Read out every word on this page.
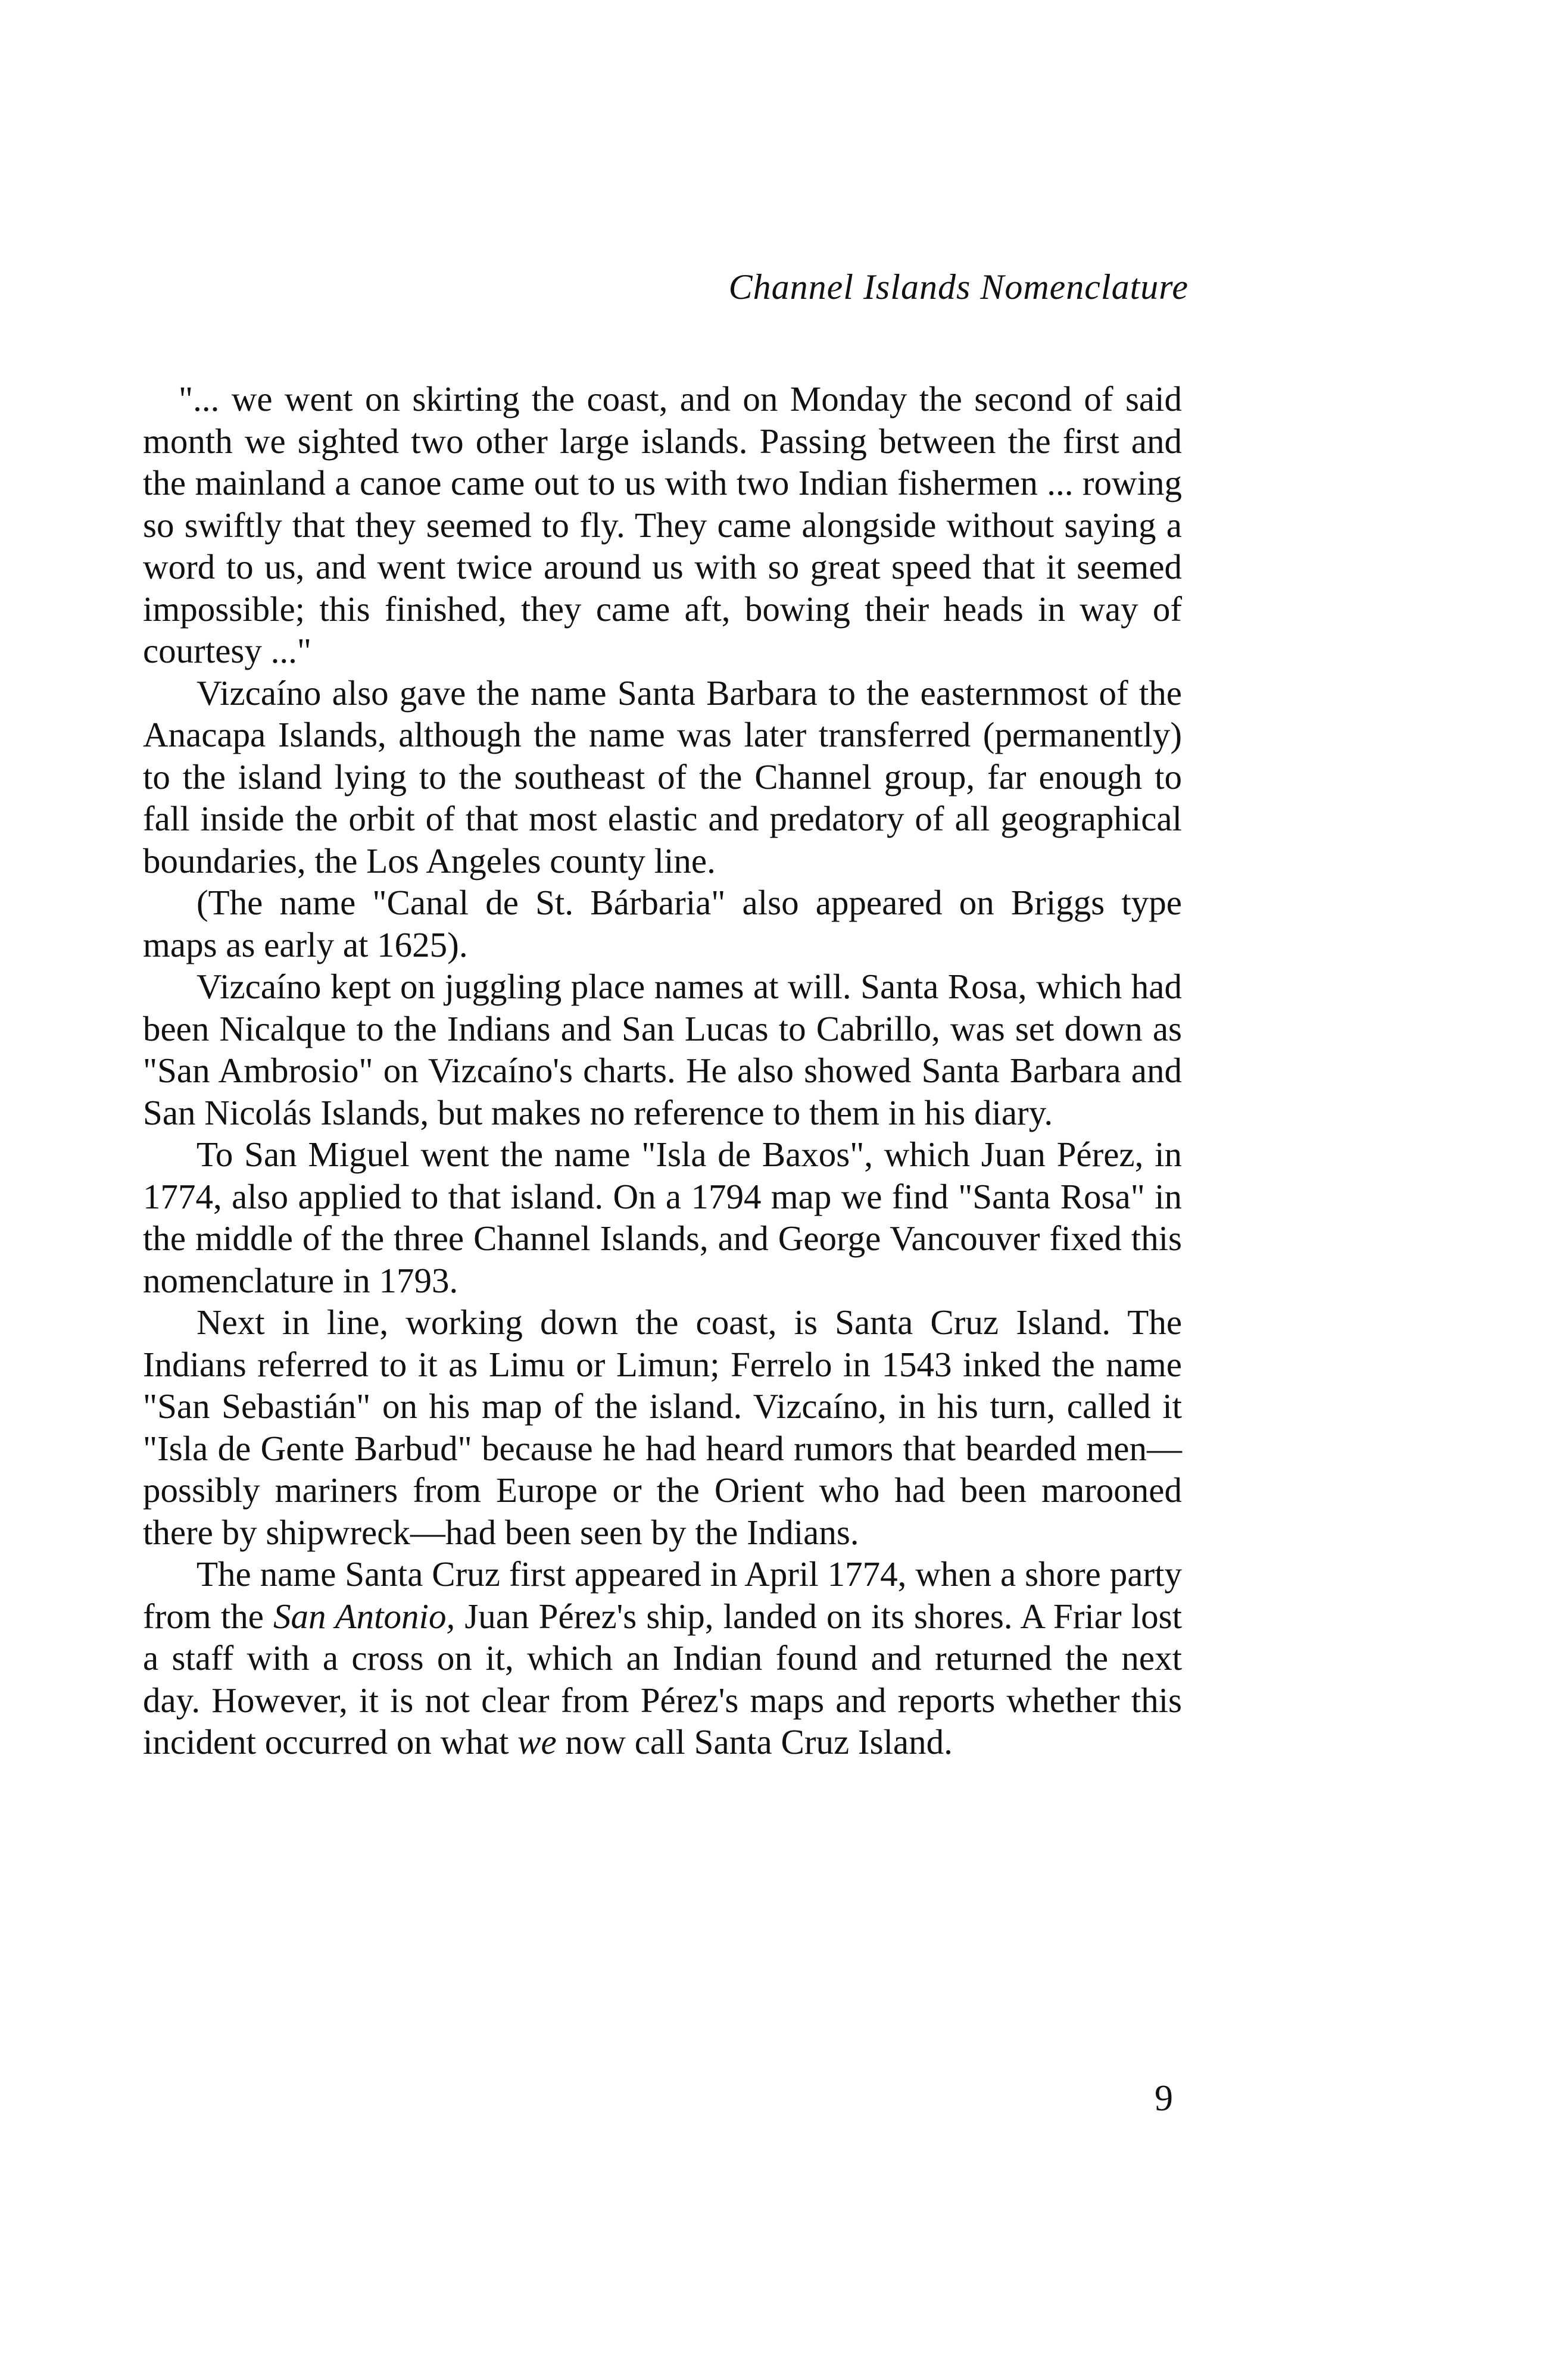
Channel Islands Nomenclature

"... we went on skirting the coast, and on Monday the second of said month we sighted two other large islands. Passing between the first and the mainland a canoe came out to us with two Indian fishermen ... rowing so swiftly that they seemed to fly. They came alongside without saying a word to us, and went twice around us with so great speed that it seemed impossible; this finished, they came aft, bowing their heads in way of courtesy ..."

Vizcaíno also gave the name Santa Barbara to the easternmost of the Anacapa Islands, although the name was later transferred (permanently) to the island lying to the southeast of the Channel group, far enough to fall inside the orbit of that most elastic and predatory of all geographical boundaries, the Los Angeles county line.

(The name "Canal de St. Bárbaria" also appeared on Briggs type maps as early at 1625).

Vizcaíno kept on juggling place names at will. Santa Rosa, which had been Nicalque to the Indians and San Lucas to Cabrillo, was set down as "San Ambrosio" on Vizcaíno's charts. He also showed Santa Barbara and San Nicolás Islands, but makes no reference to them in his diary.

To San Miguel went the name "Isla de Baxos", which Juan Pérez, in 1774, also applied to that island. On a 1794 map we find "Santa Rosa" in the middle of the three Channel Islands, and George Vancouver fixed this nomenclature in 1793.

Next in line, working down the coast, is Santa Cruz Island. The Indians referred to it as Limu or Limun; Ferrelo in 1543 inked the name "San Sebastián" on his map of the island. Vizcaíno, in his turn, called it "Isla de Gente Barbud" because he had heard rumors that bearded men—possibly mariners from Europe or the Orient who had been marooned there by shipwreck—had been seen by the Indians.

The name Santa Cruz first appeared in April 1774, when a shore party from the San Antonio, Juan Pérez's ship, landed on its shores. A Friar lost a staff with a cross on it, which an Indian found and returned the next day. However, it is not clear from Pérez's maps and reports whether this incident occurred on what we now call Santa Cruz Island.

9
